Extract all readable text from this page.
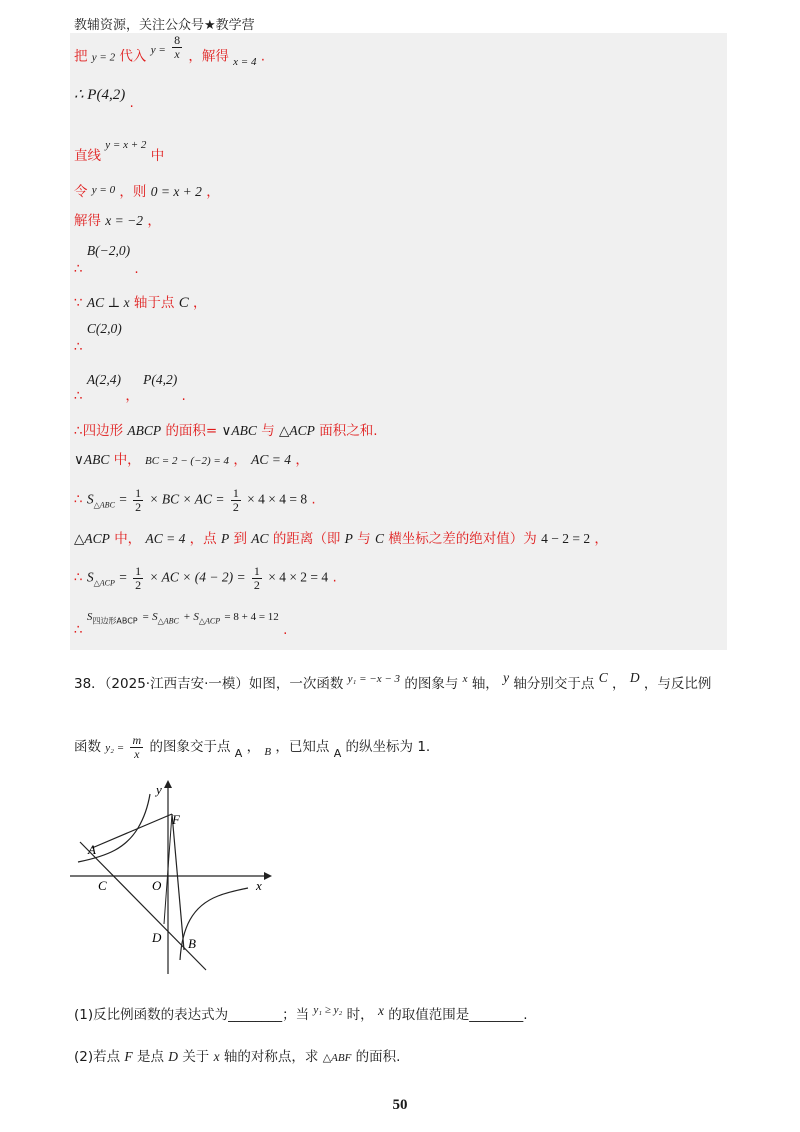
教辅资源，关注公众号★教学营
把 y = 2 代入 $^{y =} \frac{8}{x}$ ，解得 $_{x = 4}$ .
∴ P(4,2) .
直线 y = x + 2 中
令 $^{y = 0}$ ，则 0 = x + 2 ，
解得 x = −2 ，
∴ B(−2,0) .
∵ AC ⊥ x 轴于点 C ，
∴ C(2,0)
∴ A(2,4) ， P(4,2) .
∴四边形 ABCP 的面积= ∨ABC 与 △ACP 面积之和.
∨ABC 中， BC = 2 − (−2) = 4 ， AC = 4 ，
∴ $S_{\triangle ABC} = \frac{1}{2}$ × BC × AC = $\frac{1}{2} \times 4 \times 4 = 8$ .
△ACP 中， AC = 4 ，点 P 到 AC 的距离（即 P 与 C 横坐标之差的绝对值）为 4 − 2 = 2 ，
∴ $S_{\triangle ACP} = \frac{1}{2}$ × AC × $(4 - 2) = \frac{1}{2} \times 4 \times 2 = 4$ .
∴ $S_{四边形ABCP} = S_{\triangle ABC} + S_{\triangle ACP} = 8 + 4 = 12$ .
38．（2025·江西吉安·一模）如图，一次函数 $^{y_1 = -x - 3}$ 的图象与 $^x$ 轴， y 轴分别交于点 C ， D ，与反比例
函数 $y_2 = \frac{m}{x}$ 的图象交于点 $_A$ ， $_B$ ，已知点 $_A$ 的纵坐标为 1.
y
x
A
C	O
F
D B
(1)反比例函数的表达式为________；当 $^{y_1 \ge y_2}$ 时， x 的取值范围是________.
(2)若点 F 是点 D 关于 x 轴的对称点，求 △ABF 的面积.
50
